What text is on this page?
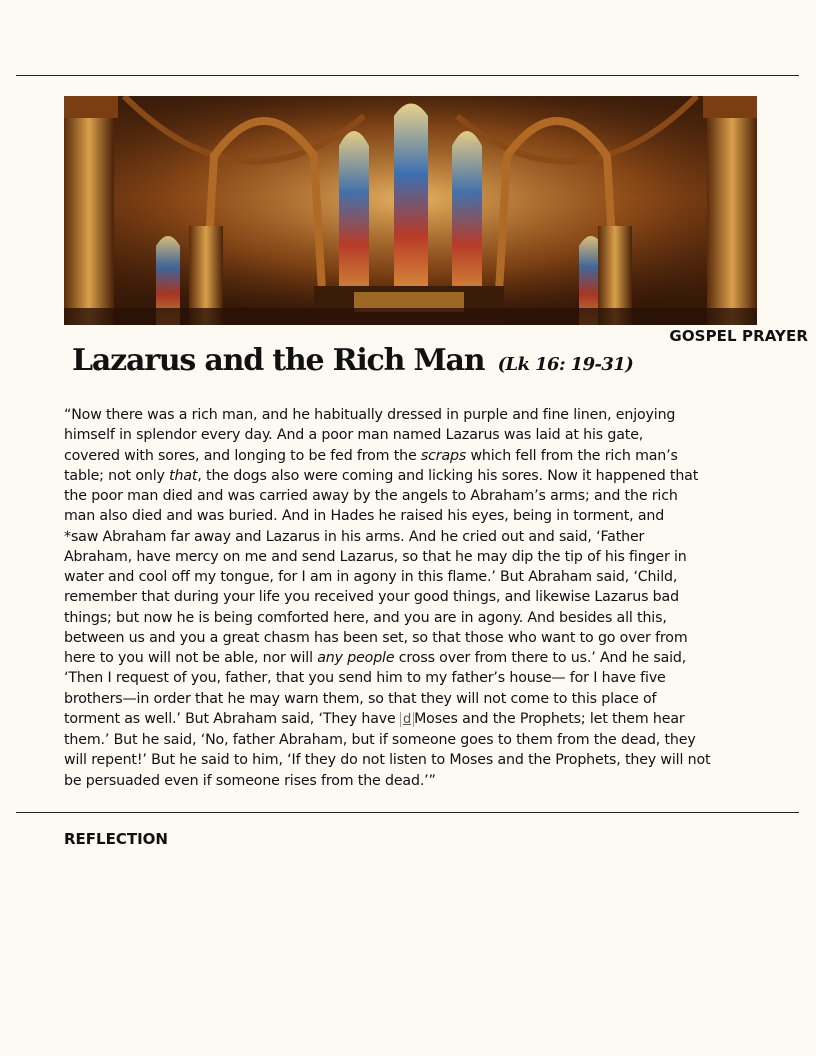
GOSPEL PRAYER
Lazarus and the Rich Man (Lk 16: 19-31)

“Now there was a rich man, and he habitually dressed in purple and fine linen, enjoying

himself in splendor every day. And a poor man named Lazarus was laid at his gate,

covered with sores, and longing to be fed from the scraps which fell from the rich man’s

table; not only that, the dogs also were coming and licking his sores. Now it happened that

the poor man died and was carried away by the angels to Abraham’s arms; and the rich

man also died and was buried. And in Hades he raised his eyes, being in torment, and

*saw Abraham far away and Lazarus in his arms. And he cried out and said, ‘Father

Abraham, have mercy on me and send Lazarus, so that he may dip the tip of his finger in

water and cool off my tongue, for I am in agony in this flame.’ But Abraham said, ‘Child,

remember that during your life you received your good things, and likewise Lazarus bad

things; but now he is being comforted here, and you are in agony. And besides all this,

between us and you a great chasm has been set, so that those who want to go over from

here to you will not be able, nor will any people cross over from there to us.’ And he said,

‘Then I request of you, father, that you send him to my father’s house— for I have five

brothers—in order that he may warn them, so that they will not come to this place of

torment as well.’ But Abraham said, ‘They have d Moses and the Prophets; let them hear

them.’ But he said, ‘No, father Abraham, but if someone goes to them from the dead, they

will repent!’ But he said to him, ‘If they do not listen to Moses and the Prophets, they will not

be persuaded even if someone rises from the dead.’”

REFLECTION
